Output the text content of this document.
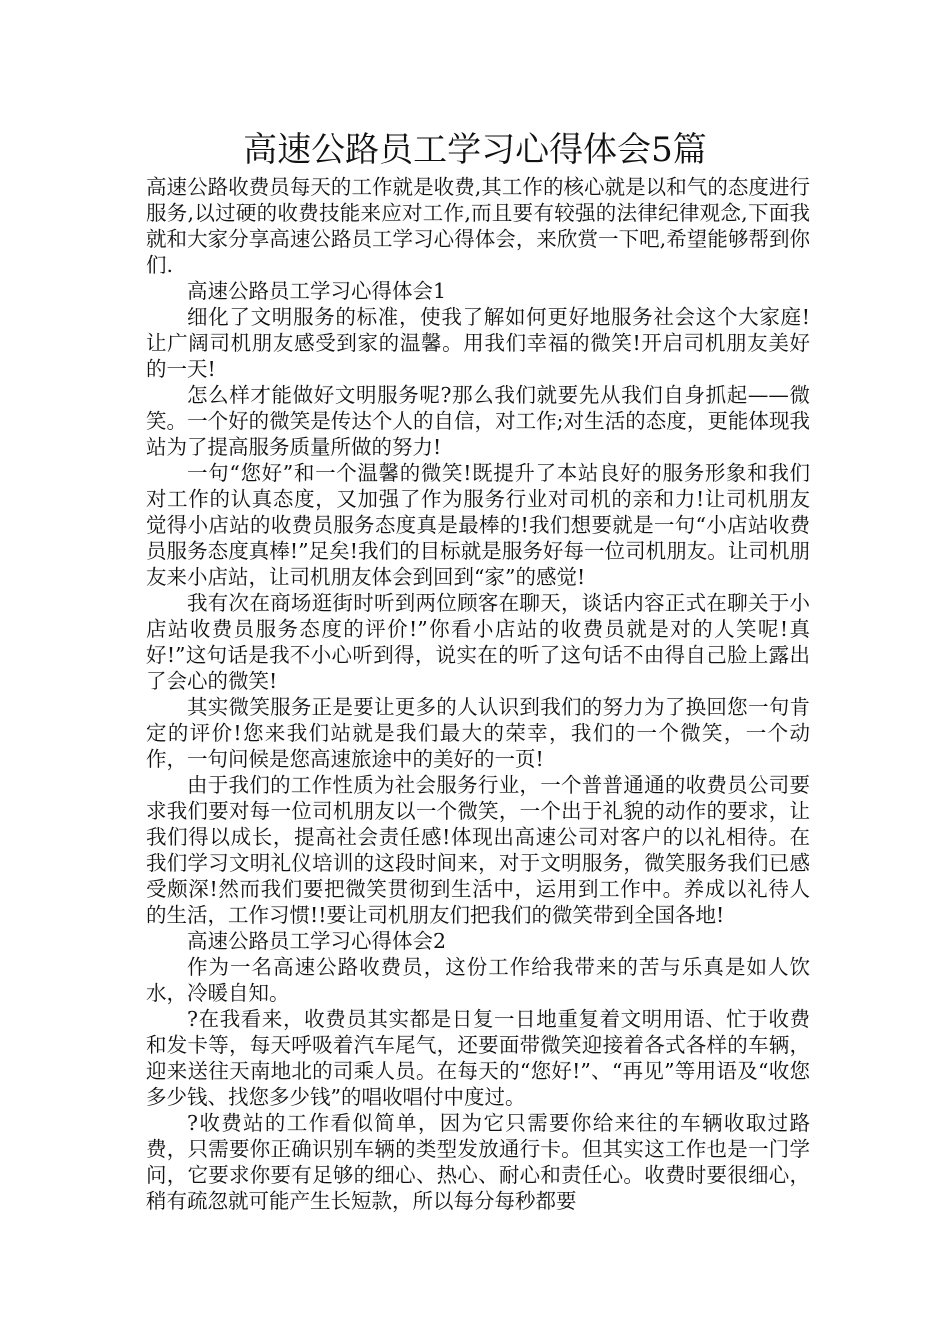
高速公路员工学习心得体会5篇

高速公路收费员每天的工作就是收费,其工作的核心就是以和气的态度进行服务,以过硬的收费技能来应对工作,而且要有较强的法律纪律观念,下面我就和大家分享高速公路员工学习心得体会，来欣赏一下吧,希望能够帮到你们.

高速公路员工学习心得体会1

细化了文明服务的标准，使我了解如何更好地服务社会这个大家庭!让广阔司机朋友感受到家的温馨。用我们幸福的微笑!开启司机朋友美好的一天!

怎么样才能做好文明服务呢?那么我们就要先从我们自身抓起——微笑。一个好的微笑是传达个人的自信，对工作;对生活的态度，更能体现我站为了提高服务质量所做的努力!

一句“您好”和一个温馨的微笑!既提升了本站良好的服务形象和我们对工作的认真态度，又加强了作为服务行业对司机的亲和力!让司机朋友觉得小店站的收费员服务态度真是最棒的!我们想要就是一句“小店站收费员服务态度真棒!”足矣!我们的目标就是服务好每一位司机朋友。让司机朋友来小店站，让司机朋友体会到回到“家”的感觉!

我有次在商场逛街时听到两位顾客在聊天，谈话内容正式在聊关于小店站收费员服务态度的评价!”你看小店站的收费员就是对的人笑呢!真好!”这句话是我不小心听到得，说实在的听了这句话不由得自己脸上露出了会心的微笑!

其实微笑服务正是要让更多的人认识到我们的努力为了换回您一句肯定的评价!您来我们站就是我们最大的荣幸，我们的一个微笑，一个动作，一句问候是您高速旅途中的美好的一页!

由于我们的工作性质为社会服务行业，一个普普通通的收费员公司要求我们要对每一位司机朋友以一个微笑，一个出于礼貌的动作的要求，让我们得以成长，提高社会责任感!体现出高速公司对客户的以礼相待。在我们学习文明礼仪培训的这段时间来，对于文明服务，微笑服务我们已感受颇深!然而我们要把微笑贯彻到生活中，运用到工作中。养成以礼待人的生活，工作习惯!!要让司机朋友们把我们的微笑带到全国各地!

高速公路员工学习心得体会2

作为一名高速公路收费员，这份工作给我带来的苦与乐真是如人饮水，冷暖自知。

?在我看来，收费员其实都是日复一日地重复着文明用语、忙于收费和发卡等，每天呼吸着汽车尾气，还要面带微笑迎接着各式各样的车辆，迎来送往天南地北的司乘人员。在每天的“您好!”、“再见”等用语及“收您多少钱、找您多少钱”的唱收唱付中度过。

?收费站的工作看似简单，因为它只需要你给来往的车辆收取过路费，只需要你正确识别车辆的类型发放通行卡。但其实这工作也是一门学问，它要求你要有足够的细心、热心、耐心和责任心。收费时要很细心，稍有疏忽就可能产生长短款，所以每分每秒都要
